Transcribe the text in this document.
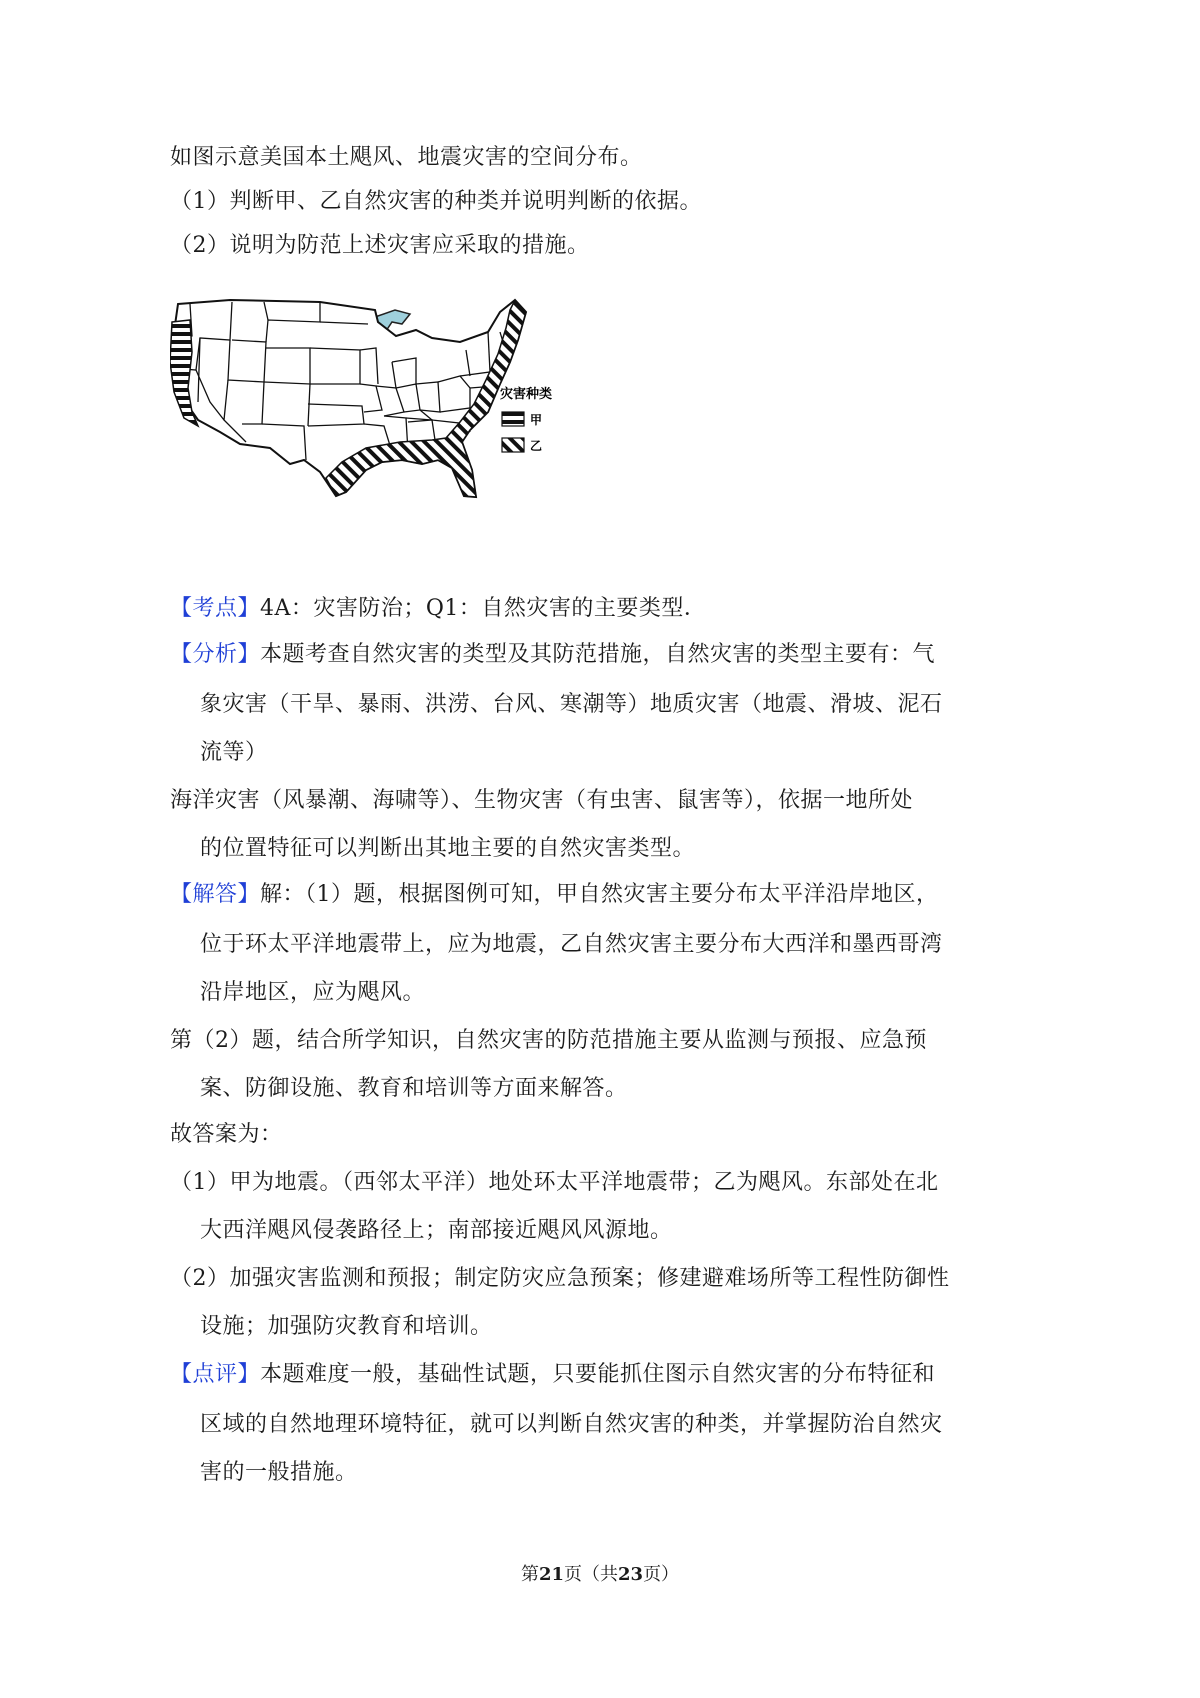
如图示意美国本土飓风、地震灾害的空间分布。
（1）判断甲、乙自然灾害的种类并说明判断的依据。
（2）说明为防范上述灾害应采取的措施。
灾害种类
甲
乙
【考点】4A：灾害防治；Q1：自然灾害的主要类型．
【分析】本题考查自然灾害的类型及其防范措施，自然灾害的类型主要有：气
象灾害（干旱、暴雨、洪涝、台风、寒潮等）地质灾害（地震、滑坡、泥石
流等）
海洋灾害（风暴潮、海啸等）、生物灾害（有虫害、鼠害等），依据一地所处
的位置特征可以判断出其地主要的自然灾害类型。
【解答】解：（1）题，根据图例可知，甲自然灾害主要分布太平洋沿岸地区，
位于环太平洋地震带上，应为地震，乙自然灾害主要分布大西洋和墨西哥湾
沿岸地区，应为飓风。
第（2）题，结合所学知识，自然灾害的防范措施主要从监测与预报、应急预
案、防御设施、教育和培训等方面来解答。
故答案为：
（1）甲为地震。（西邻太平洋）地处环太平洋地震带；乙为飓风。东部处在北
大西洋飓风侵袭路径上；南部接近飓风风源地。
（2）加强灾害监测和预报；制定防灾应急预案；修建避难场所等工程性防御性
设施；加强防灾教育和培训。
【点评】本题难度一般，基础性试题，只要能抓住图示自然灾害的分布特征和
区域的自然地理环境特征，就可以判断自然灾害的种类，并掌握防治自然灾
害的一般措施。
第21页（共23页）
